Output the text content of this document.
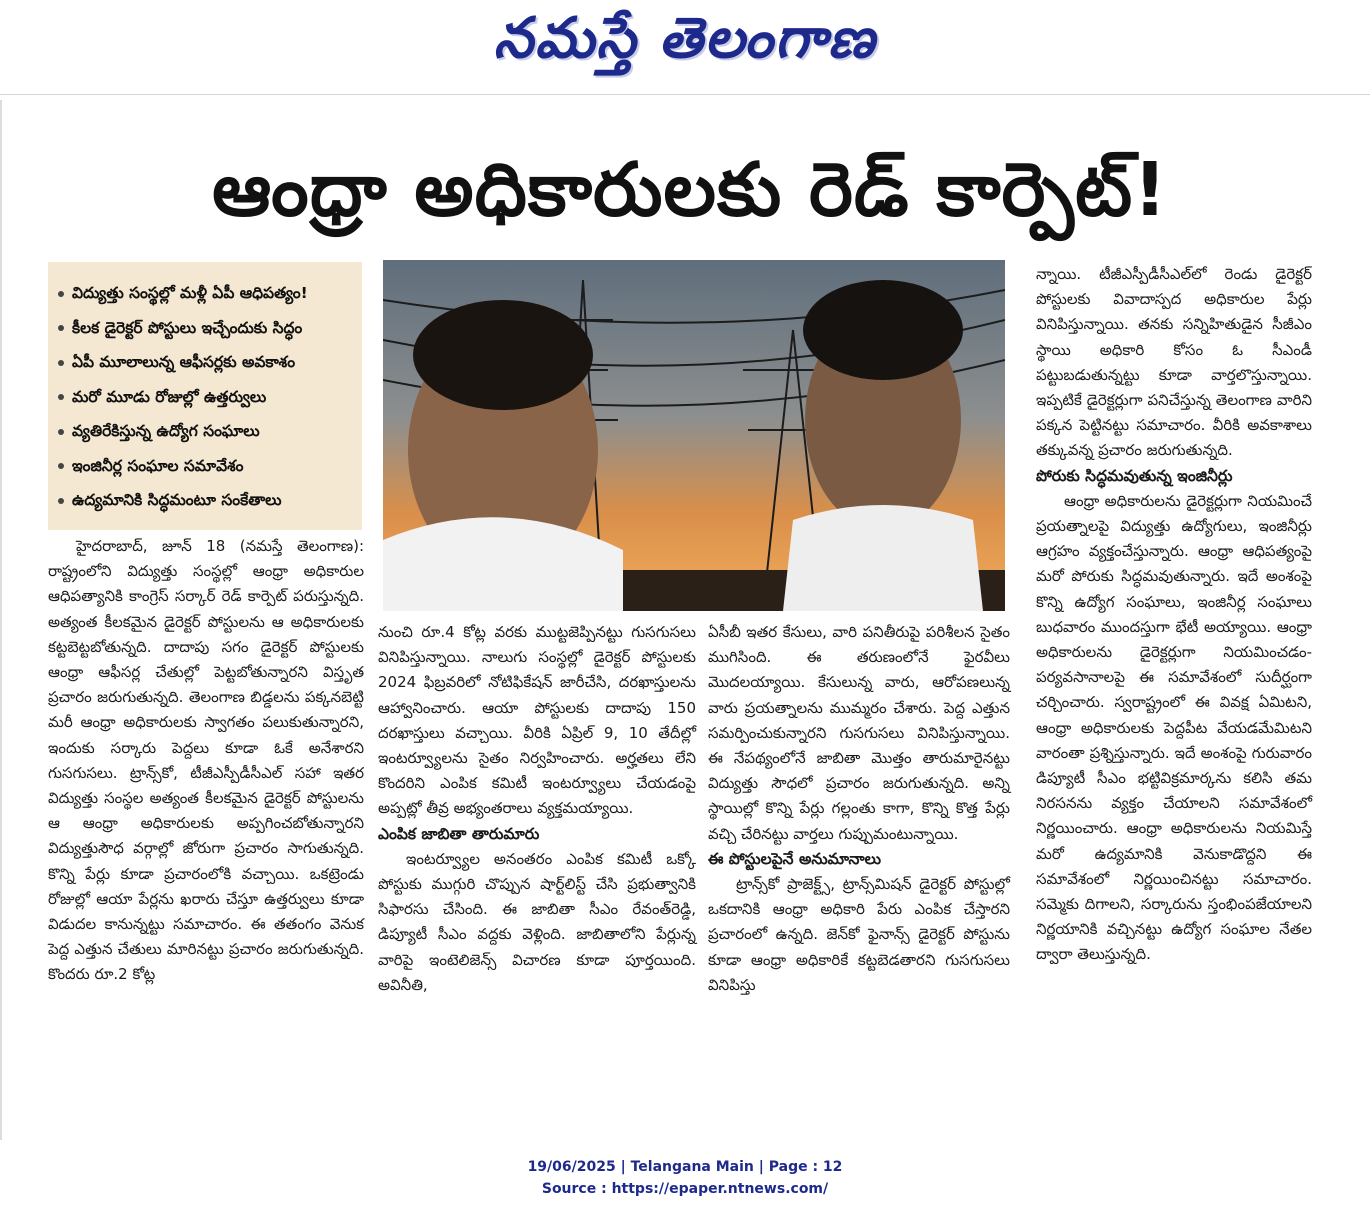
నమస్తే తెలంగాణ
ఆంధ్రా అధికారులకు రెడ్‌ కార్పెట్‌!
విద్యుత్తు సంస్థల్లో మళ్లీ ఏపీ ఆధిపత్యం!
కీలక డైరెక్టర్‌ పోస్టులు ఇచ్చేందుకు సిద్ధం
ఏపీ మూలాలున్న ఆఫీసర్లకు అవకాశం
మరో మూడు రోజుల్లో ఉత్తర్వులు
వ్యతిరేకిస్తున్న ఉద్యోగ సంఘాలు
ఇంజినీర్ల సంఘాల సమావేశం
ఉద్యమానికి సిద్ధమంటూ సంకేతాలు

హైదరాబాద్‌, జూన్‌ 18 (నమస్తే తెలంగాణ): రాష్ట్రంలోని విద్యుత్తు సంస్థల్లో ఆంధ్రా అధికారుల ఆధిపత్యానికి కాంగ్రెస్‌ సర్కార్‌ రెడ్‌ కార్పెట్‌ పరుస్తున్నది. అత్యంత కీలకమైన డైరెక్టర్‌ పోస్టులను ఆ అధికారులకు కట్టబెట్టబోతున్నది. దాదాపు సగం డైరెక్టర్‌ పోస్టులకు ఆంధ్రా ఆఫీసర్ల చేతుల్లో పెట్టబోతున్నారని విస్తృత ప్రచారం జరుగుతున్నది. తెలంగాణ బిడ్డలను పక్కనబెట్టి మరీ ఆంధ్రా అధికారులకు స్వాగతం పలుకుతున్నారని, ఇందుకు సర్కారు పెద్దలు కూడా ఓకే అనేశారని గుసగుసలు. ట్రాన్స్‌కో, టీజీఎస్పీడీసీఎల్‌ సహా ఇతర విద్యుత్తు సంస్థల అత్యంత కీలకమైన డైరెక్టర్‌ పోస్టులను ఆ ఆంధ్రా అధికారులకు అప్పగించబోతున్నారని విద్యుత్తుసౌధ వర్గాల్లో జోరుగా ప్రచారం సాగుతున్నది. కొన్ని పేర్లు కూడా ప్రచారంలోకి వచ్చాయి. ఒకట్రెండు రోజుల్లో ఆయా పేర్లను ఖరారు చేస్తూ ఉత్తర్వులు కూడా విడుదల కానున్నట్టు సమాచారం. ఈ తతంగం వెనుక పెద్ద ఎత్తున చేతులు మారినట్టు ప్రచారం జరుగుతున్నది. కొందరు రూ.2 కోట్ల

నుంచి రూ.4 కోట్ల వరకు ముట్టజెప్పినట్టు గుసగుసలు వినిపిస్తున్నాయి. నాలుగు సంస్థల్లో డైరెక్టర్‌ పోస్టులకు 2024 ఫిబ్రవరిలో నోటిఫికేషన్‌ జారీచేసి, దరఖాస్తులను ఆహ్వానించారు. ఆయా పోస్టులకు దాదాపు 150 దరఖాస్తులు వచ్చాయి. వీరికి ఏప్రిల్‌ 9, 10 తేదీల్లో ఇంటర్వ్యూలను సైతం నిర్వహించారు. అర్హతలు లేని కొందరిని ఎంపిక కమిటీ ఇంటర్వ్యూలు చేయడంపై అప్పట్లో తీవ్ర అభ్యంతరాలు వ్యక్తమయ్యాయి.

ఎంపిక జాబితా తారుమారు

ఇంటర్వ్యూల అనంతరం ఎంపిక కమిటీ ఒక్కో పోస్టుకు ముగ్గురి చొప్పున షార్ట్‌లిస్ట్‌ చేసి ప్రభుత్వానికి సిఫారసు చేసింది. ఈ జాబితా సీఎం రేవంత్‌రెడ్డి, డిప్యూటీ సీఎం వద్దకు వెళ్లింది. జాబితాలోని పేర్లున్న వారిపై ఇంటెలిజెన్స్‌ విచారణ కూడా పూర్తయింది. అవినీతి,

ఏసీబీ ఇతర కేసులు, వారి పనితీరుపై పరిశీలన సైతం ముగిసింది. ఈ తరుణంలోనే ఫైరవీలు మొదలయ్యాయి. కేసులున్న వారు, ఆరోపణలున్న వారు ప్రయత్నాలను ముమ్మరం చేశారు. పెద్ద ఎత్తున సమర్పించుకున్నారని గుసగుసలు వినిపిస్తున్నాయి. ఈ నేపథ్యంలోనే జాబితా మొత్తం తారుమారైనట్టు విద్యుత్తు సౌధలో ప్రచారం జరుగుతున్నది. అన్ని స్థాయిల్లో కొన్ని పేర్లు గల్లంతు కాగా, కొన్ని కొత్త పేర్లు వచ్చి చేరినట్టు వార్తలు గుప్పుమంటున్నాయి.

ఈ పోస్టులపైనే అనుమానాలు

ట్రాన్స్‌కో ప్రాజెక్ట్స్‌, ట్రాన్స్‌మిషన్‌ డైరెక్టర్‌ పోస్టుల్లో ఒకదానికి ఆంధ్రా అధికారి పేరు ఎంపిక చేస్తారని ప్రచారంలో ఉన్నది. జెన్‌కో ఫైనాన్స్‌ డైరెక్టర్‌ పోస్టును కూడా ఆంధ్రా అధికారికే కట్టబెడతారని గుసగుసలు వినిపిస్తు

న్నాయి. టీజీఎస్పీడీసీఎల్‌లో రెండు డైరెక్టర్‌ పోస్టులకు వివాదాస్పద అధికారుల పేర్లు వినిపిస్తున్నాయి. తనకు సన్నిహితుడైన సీజీఎం స్థాయి అధికారి కోసం ఓ సీఎండీ పట్టుబడుతున్నట్టు కూడా వార్తలొస్తున్నాయి. ఇప్పటికే డైరెక్టర్లుగా పనిచేస్తున్న తెలంగాణ వారిని పక్కన పెట్టినట్టు సమాచారం. వీరికి అవకాశాలు తక్కువన్న ప్రచారం జరుగుతున్నది.

పోరుకు సిద్ధమవుతున్న ఇంజినీర్లు

ఆంధ్రా అధికారులను డైరెక్టర్లుగా నియమించే ప్రయత్నాలపై విద్యుత్తు ఉద్యోగులు, ఇంజినీర్లు ఆగ్రహం వ్యక్తంచేస్తున్నారు. ఆంధ్రా ఆధిపత్యంపై మరో పోరుకు సిద్ధమవుతున్నారు. ఇదే అంశంపై కొన్ని ఉద్యోగ సంఘాలు, ఇంజినీర్ల సంఘాలు బుధవారం ముందస్తుగా భేటీ అయ్యాయి. ఆంధ్రా అధికారులను డైరెక్టర్లుగా నియమించడం- పర్యవసానాలపై ఈ సమావేశంలో సుదీర్ఘంగా చర్చించారు. స్వరాష్ట్రంలో ఈ వివక్ష ఏమిటని, ఆంధ్రా అధికారులకు పెద్దపీట వేయడమేమిటని వారంతా ప్రశ్నిస్తున్నారు. ఇదే అంశంపై గురువారం డిప్యూటీ సీఎం భట్టివిక్రమార్కను కలిసి తమ నిరసనను వ్యక్తం చేయాలని సమావేశంలో నిర్ణయించారు. ఆంధ్రా అధికారులను నియమిస్తే మరో ఉద్యమానికి వెనుకాడొద్దని ఈ సమావేశంలో నిర్ణయించినట్టు సమాచారం. సమ్మెకు దిగాలని, సర్కారును స్తంభింపజేయాలని నిర్ణయానికి వచ్చినట్టు ఉద్యోగ సంఘాల నేతల ద్వారా తెలుస్తున్నది.

19/06/2025 | Telangana Main | Page : 12
Source : https://epaper.ntnews.com/
